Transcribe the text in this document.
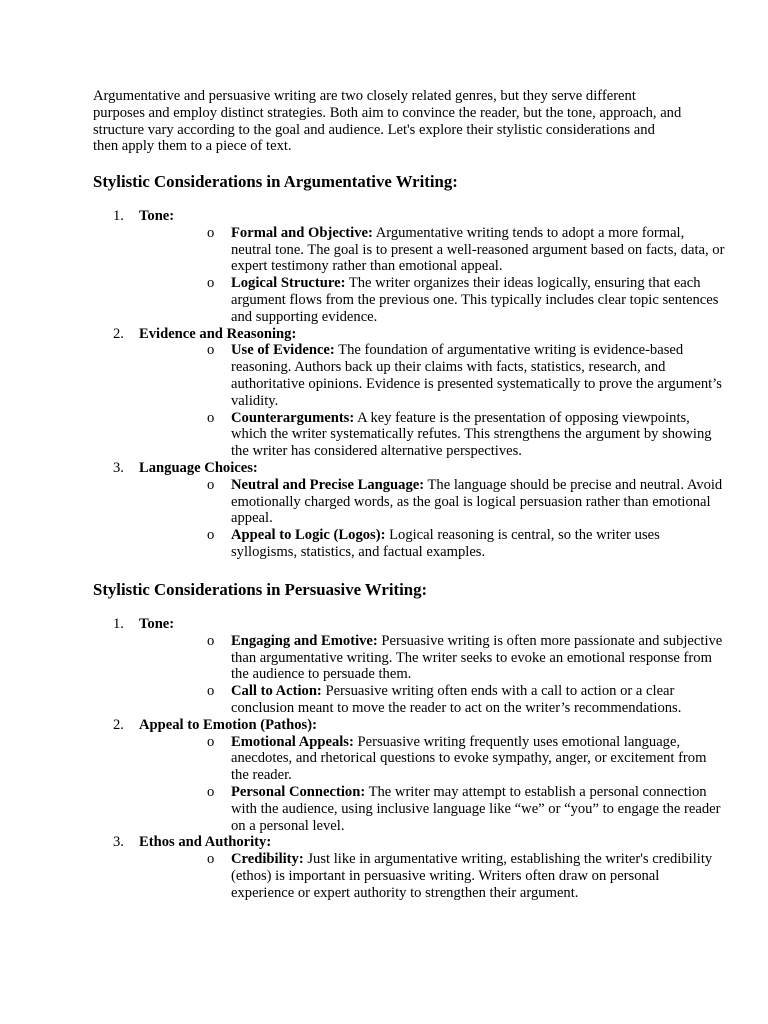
Argumentative and persuasive writing are two closely related genres, but they serve different purposes and employ distinct strategies. Both aim to convince the reader, but the tone, approach, and structure vary according to the goal and audience. Let's explore their stylistic considerations and then apply them to a piece of text.

Stylistic Considerations in Argumentative Writing:
1. Tone:
o Formal and Objective: Argumentative writing tends to adopt a more formal, neutral tone. The goal is to present a well-reasoned argument based on facts, data, or expert testimony rather than emotional appeal.
o Logical Structure: The writer organizes their ideas logically, ensuring that each argument flows from the previous one. This typically includes clear topic sentences and supporting evidence.
2. Evidence and Reasoning:
o Use of Evidence: The foundation of argumentative writing is evidence-based reasoning. Authors back up their claims with facts, statistics, research, and authoritative opinions. Evidence is presented systematically to prove the argument’s validity.
o Counterarguments: A key feature is the presentation of opposing viewpoints, which the writer systematically refutes. This strengthens the argument by showing the writer has considered alternative perspectives.
3. Language Choices:
o Neutral and Precise Language: The language should be precise and neutral. Avoid emotionally charged words, as the goal is logical persuasion rather than emotional appeal.
o Appeal to Logic (Logos): Logical reasoning is central, so the writer uses syllogisms, statistics, and factual examples.
Stylistic Considerations in Persuasive Writing:
1. Tone:
o Engaging and Emotive: Persuasive writing is often more passionate and subjective than argumentative writing. The writer seeks to evoke an emotional response from the audience to persuade them.
o Call to Action: Persuasive writing often ends with a call to action or a clear conclusion meant to move the reader to act on the writer’s recommendations.
2. Appeal to Emotion (Pathos):
o Emotional Appeals: Persuasive writing frequently uses emotional language, anecdotes, and rhetorical questions to evoke sympathy, anger, or excitement from the reader.
o Personal Connection: The writer may attempt to establish a personal connection with the audience, using inclusive language like “we” or “you” to engage the reader on a personal level.
3. Ethos and Authority:
o Credibility: Just like in argumentative writing, establishing the writer's credibility (ethos) is important in persuasive writing. Writers often draw on personal experience or expert authority to strengthen their argument.
